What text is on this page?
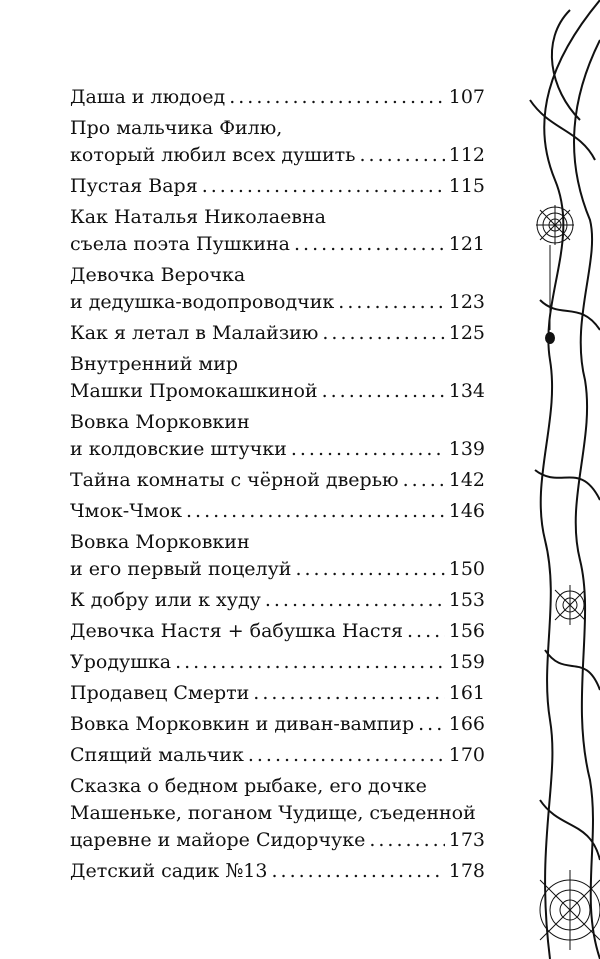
Даша и людоед .....	107
Про мальчика Филю,
который любил всех душить .....	112
Пустая Варя .....	115
Как Наталья Николаевна
съела поэта Пушкина .....	121
Девочка Верочка
и дедушка-водопроводчик .....	123
Как я летал в Малайзию .....	125
Внутренний мир
Машки Промокашкиной .....	134
Вовка Морковкин
и колдовские штучки .....	139
Тайна комнаты с чёрной дверью .....	142
Чмок-Чмок .....	146
Вовка Морковкин
и его первый поцелуй .....	150
К добру или к худу .....	153
Девочка Настя + бабушка Настя ..... 156
Уродушка .....	159
Продавец Смерти .....	161
Вовка Морковкин и диван-вампир ..... 166
Спящий мальчик .....	170
Сказка о бедном рыбаке, его дочке
Машеньке, поганом Чудище, съеденной
царевне и майоре Сидорчуке .....	173
Детский садик №13 .....	178
